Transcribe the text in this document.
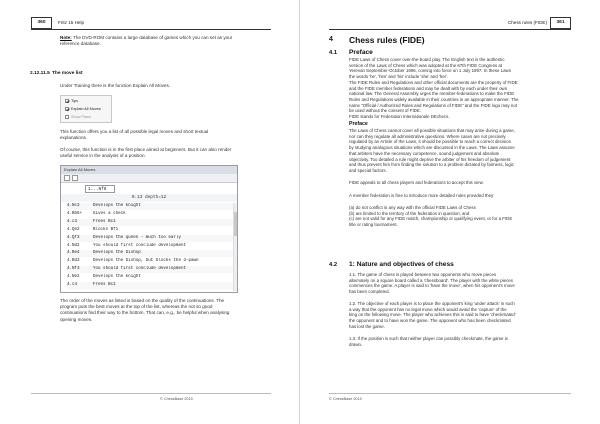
360	Fritz 15 Help
Note: The DVD-ROM contains a large database of games which you can set as your
reference database.
2.12.11.5 The move list
Under Training there is the function Explain All Moves.
Tips
Explain All Moves
Show Plans
This function offers you a list of all possible legal moves and short textual
explanations.
Of course, this function is in the first place aimed at beginners. But it can also render
useful service in the analysis of a position.
Explain All Moves
1...Nf6
0.13 depth=12
4.Nc3	Develops the knight
4.Bb5+	Gives a check
4.c3	Frees Bc1
4.Qe2	Blocks Bf1
4.Qf3	Develops the queen - much too early
4.Nd2	You should first conclude development
4.Be4	Develops the bishop
4.Bd3	Develops the bishop, but blocks the d-pawn
4.Nf3	You should first conclude development
4.Ne2	Develops the knight
4.c4	Frees Bc1
The order of the moves as listed is based on the quality of the continuations. The
program puts the best moves at the top of the list, whereas the not so good
continuations find their way to the bottom. That can, e.g., be helpful when analysing
opening moves.
© ChessBase 2015
Chess rules (FIDE)	361
4 Chess rules (FIDE)
4.1 Preface
FIDE Laws of Chess cover over-the-board play. The English text is the authentic
version of the Laws of Chess which was adopted at the 67th FIDE Congress at
Yerevan September-October 1996, coming into force on 1 July 1997. In these Laws
the words 'he', 'him' and 'his' include 'she' and 'her'.
The FIDE Rules and Regulations and other official documents are the property of FIDE
and the FIDE member federations and may be dealt with by each under their own
national law. The General Assembly urges the member-federations to make the FIDE
Rules and Regulations widely available in their countries in an appropriate manner. The
name "Official / Authorized Rules and Regulations of FIDE" and the FIDE logo may not
be used without the consent of FIDE.
FIDE stands for Federation Internationale DEchecs.
Preface
The Laws of Chess cannot cover all possible situations that may arise during a game,
nor can they regulate all administrative questions. Where cases are not precisely
regulated by an Article of the Laws, it should be possible to reach a correct decision
by studying analogous situations which are discussed in the Laws. The Laws assume
that arbiters have the necessary competence, sound judgement and absolute
objectivity. Too detailed a rule might deprive the arbiter of his freedom of judgement
and thus prevent him from finding the solution to a problem dictated by fairness, logic
and special factors.
FIDE appeals to all chess players and federations to accept this view.
A member federation is free to introduce more detailed rules provided they:
(a) do not conflict in any way with the official FIDE Laws of Chess
(b) are limited to the territory of the federation in question; and
(c) are not valid for any FIDE match, championship or qualifying event, or for a FIDE
title or rating tournament.
4.2 1: Nature and objectives of chess
1.1. The game of chess is played between two opponents who move pieces
alternately on a square board called a 'chessboard'. The player with the white pieces
commences the game. A player is said to 'have the move', when his opponent's move
has been completed.
1.2. The objective of each player is to place the opponent's king 'under attack' in such
a way that the opponent has no legal move which would avoid the 'capture' of the
king on the following move. The player who achieves this is said to have 'checkmated'
the opponent and to have won the game. The opponent who has been checkmated
has lost the game.
1.3. If the position is such that neither player can possibly checkmate, the game is
drawn.
© ChessBase 2015
